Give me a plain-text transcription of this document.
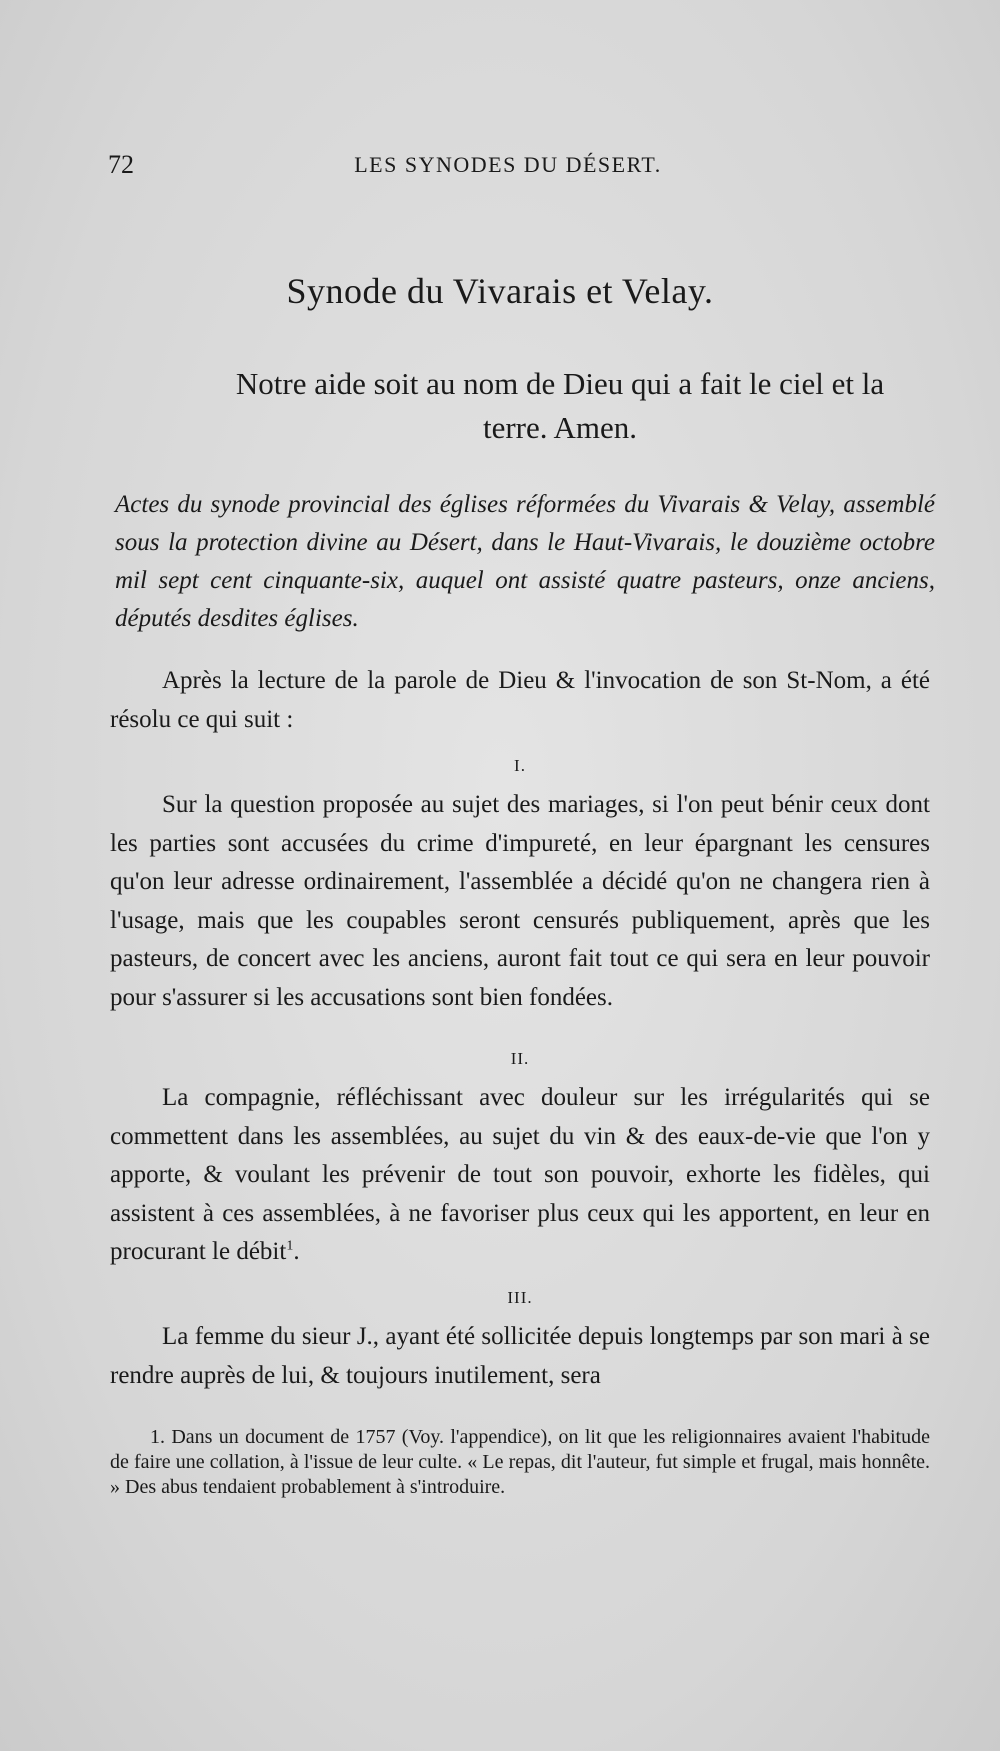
72	LES SYNODES DU DÉSERT.
Synode du Vivarais et Velay.
Notre aide soit au nom de Dieu qui a fait le ciel et la terre. Amen.
Actes du synode provincial des églises réformées du Vivarais & Velay, assemblé sous la protection divine au Désert, dans le Haut-Vivarais, le douzième octobre mil sept cent cinquante-six, auquel ont assisté quatre pasteurs, onze anciens, députés desdites églises.
Après la lecture de la parole de Dieu & l'invocation de son St-Nom, a été résolu ce qui suit :
I.
Sur la question proposée au sujet des mariages, si l'on peut bénir ceux dont les parties sont accusées du crime d'impureté, en leur épargnant les censures qu'on leur adresse ordinairement, l'assemblée a décidé qu'on ne changera rien à l'usage, mais que les coupables seront censurés publiquement, après que les pasteurs, de concert avec les anciens, auront fait tout ce qui sera en leur pouvoir pour s'assurer si les accusations sont bien fondées.
II.
La compagnie, réfléchissant avec douleur sur les irrégularités qui se commettent dans les assemblées, au sujet du vin & des eaux-de-vie que l'on y apporte, & voulant les prévenir de tout son pouvoir, exhorte les fidèles, qui assistent à ces assemblées, à ne favoriser plus ceux qui les apportent, en leur en procurant le débit$^1$.
III.
La femme du sieur J., ayant été sollicitée depuis longtemps par son mari à se rendre auprès de lui, & toujours inutilement, sera
1. Dans un document de 1757 (Voy. l'appendice), on lit que les religionnaires avaient l'habitude de faire une collation, à l'issue de leur culte. « Le repas, dit l'auteur, fut simple et frugal, mais honnête. » Des abus tendaient probablement à s'introduire.
